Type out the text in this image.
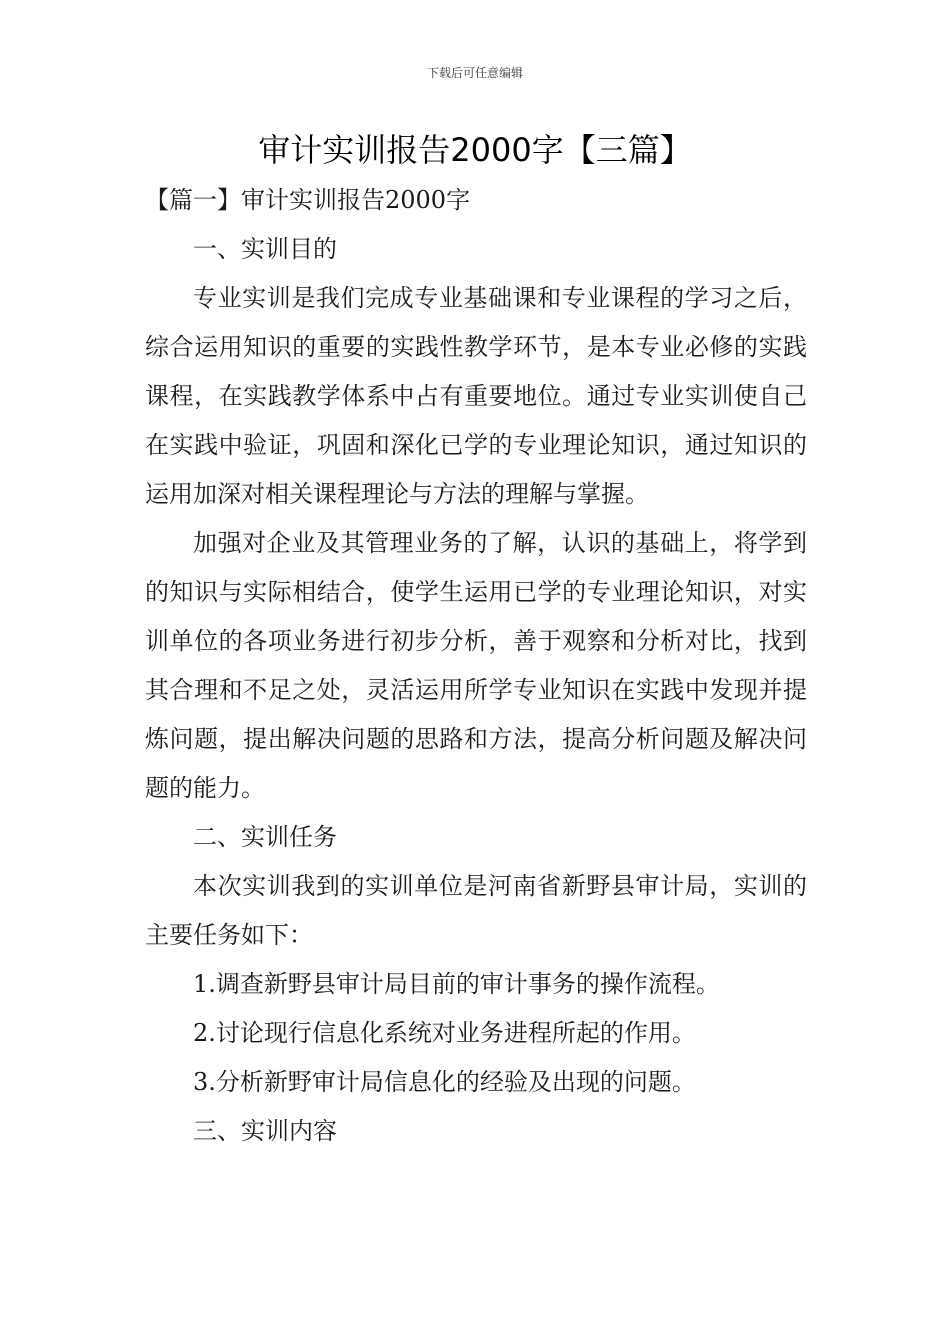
下载后可任意编辑
审计实训报告2000字【三篇】

【篇一】审计实训报告2000字

一、实训目的

专业实训是我们完成专业基础课和专业课程的学习之后，综合运用知识的重要的实践性教学环节，是本专业必修的实践课程，在实践教学体系中占有重要地位。通过专业实训使自己在实践中验证，巩固和深化已学的专业理论知识，通过知识的运用加深对相关课程理论与方法的理解与掌握。

加强对企业及其管理业务的了解，认识的基础上，将学到的知识与实际相结合，使学生运用已学的专业理论知识，对实训单位的各项业务进行初步分析，善于观察和分析对比，找到其合理和不足之处，灵活运用所学专业知识在实践中发现并提炼问题，提出解决问题的思路和方法，提高分析问题及解决问题的能力。

二、实训任务

本次实训我到的实训单位是河南省新野县审计局，实训的主要任务如下：

1.调查新野县审计局目前的审计事务的操作流程。

2.讨论现行信息化系统对业务进程所起的作用。

3.分析新野审计局信息化的经验及出现的问题。

三、实训内容
